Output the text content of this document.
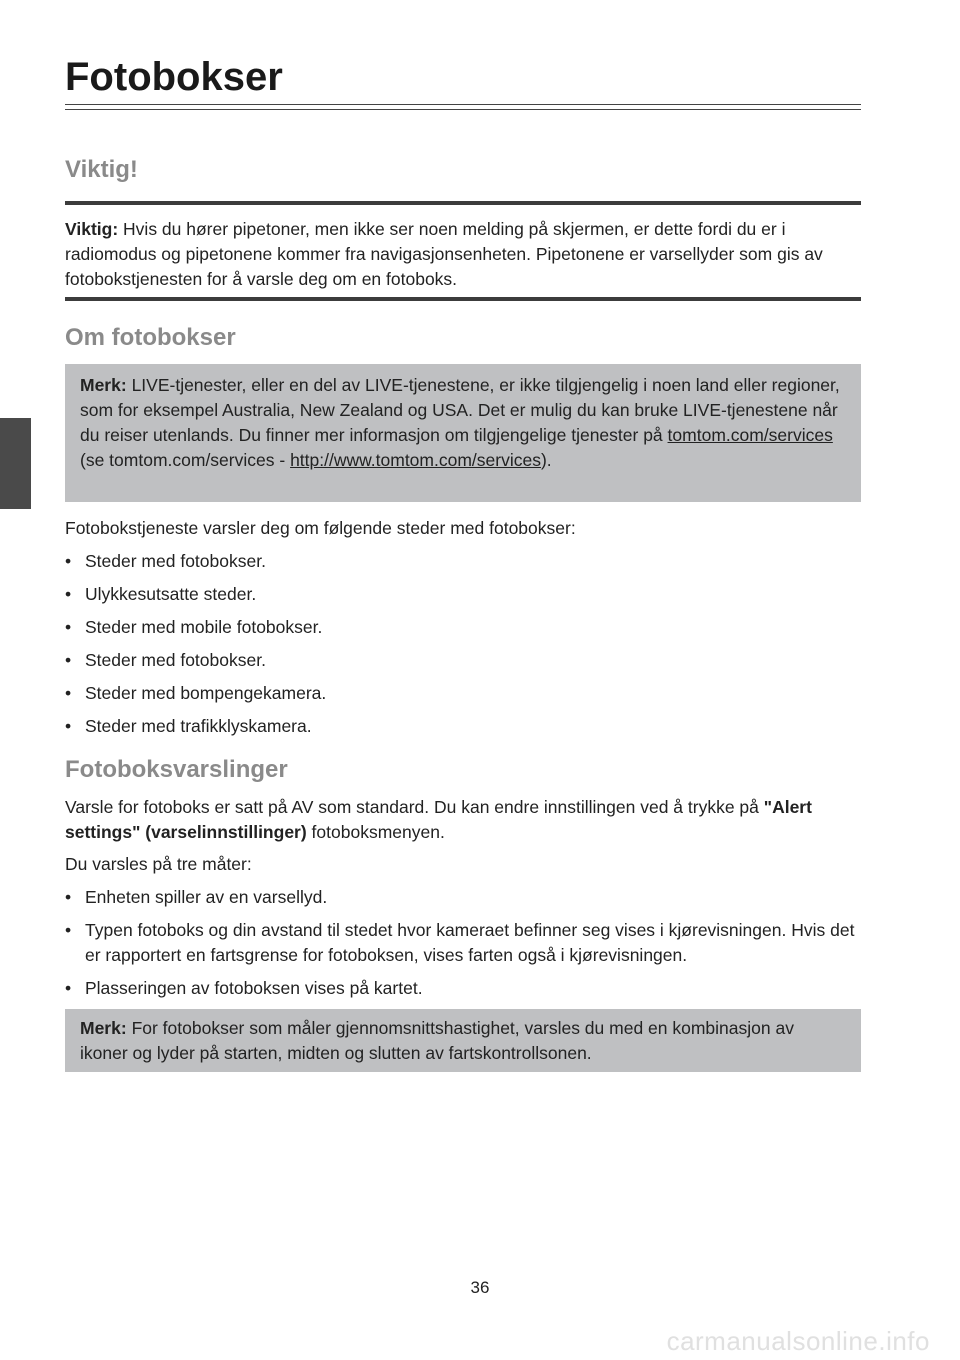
Fotobokser
Viktig!

Viktig: Hvis du hører pipetoner, men ikke ser noen melding på skjermen, er dette fordi du er i radiomodus og pipetonene kommer fra navigasjonsenheten. Pipetonene er varsellyder som gis av fotobokstjenesten for å varsle deg om en fotoboks.

Om fotobokser
Merk: LIVE-tjenester, eller en del av LIVE-tjenestene, er ikke tilgjengelig i noen land eller regioner, som for eksempel Australia, New Zealand og USA. Det er mulig du kan bruke LIVE-tjenestene når du reiser utenlands. Du finner mer informasjon om tilgjengelige tjenester på tomtom.com/services (se tomtom.com/services - http://www.tomtom.com/services).

Fotobokstjeneste varsler deg om følgende steder med fotobokser:

• Steder med fotobokser.
• Ulykkesutsatte steder.
• Steder med mobile fotobokser.
• Steder med fotobokser.
• Steder med bompengekamera.
• Steder med trafikklyskamera.
Fotoboksvarslinger

Varsle for fotoboks er satt på AV som standard. Du kan endre innstillingen ved å trykke på "Alert settings" (varselinnstillinger) fotoboksmenyen.

Du varsles på tre måter:

• Enheten spiller av en varsellyd.
• Typen fotoboks og din avstand til stedet hvor kameraet befinner seg vises i kjørevisningen. Hvis det er rapportert en fartsgrense for fotoboksen, vises farten også i kjørevisningen.
• Plasseringen av fotoboksen vises på kartet.
Merk: For fotobokser som måler gjennomsnittshastighet, varsles du med en kombinasjon av ikoner og lyder på starten, midten og slutten av fartskontrollsonen.
36
carmanualsonline.info
